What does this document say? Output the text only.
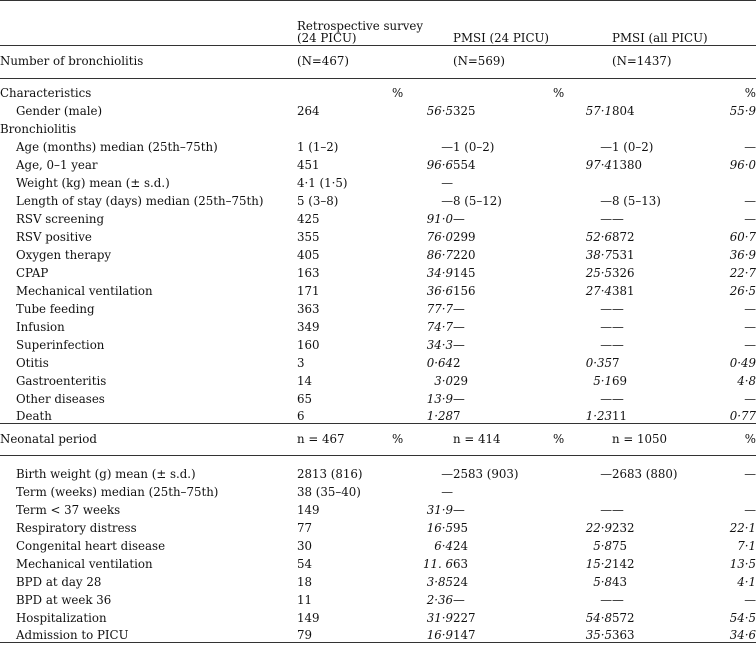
	Retrospective survey
(24 PICU)		PMSI (24 PICU)		PMSI (all PICU)	
Number of bronchiolitis	(N=467)		(N=569)		(N=1437)	
Characteristics		%		%		%
Gender (male)	264	56·5	325	57·1	804	55·9
Bronchiolitis						
Age (months) median (25th–75th)	1 (1–2)	—	1 (0–2)	—	1 (0–2)	—
Age, 0–1 year	451	96·6	554	97·4	1380	96·0
Weight (kg) mean (± s.d.)	4·1 (1·5)	—				
Length of stay (days) median (25th–75th)	5 (3–8)	—	8 (5–12)	—	8 (5–13)	—
RSV screening	425	91·0	—	—	—	—
RSV positive	355	76·0	299	52·6	872	60·7
Oxygen therapy	405	86·7	220	38·7	531	36·9
CPAP	163	34·9	145	25·5	326	22·7
Mechanical ventilation	171	36·6	156	27·4	381	26·5
Tube feeding	363	77·7	—	—	—	—
Infusion	349	74·7	—	—	—	—
Superinfection	160	34·3	—	—	—	—
Otitis	3	0·64	2	0·35	7	0·49
Gastroenteritis	14	3·0	29	5·1	69	4·8
Other diseases	65	13·9	—	—	—	—
Death	6	1·28	7	1·23	11	0·77
Neonatal period	n = 467	%	n = 414	%	n = 1050	%
Birth weight (g) mean (± s.d.)	2813 (816)	—	2583 (903)	—	2683 (880)	—
Term (weeks) median (25th–75th)	38 (35–40)	—				
Term < 37 weeks	149	31·9	—	—	—	—
Respiratory distress	77	16·5	95	22·9	232	22·1
Congenital heart disease	30	6·4	24	5·8	75	7·1
Mechanical ventilation	54	11. 6	63	15·2	142	13·5
BPD at day 28	18	3·85	24	5·8	43	4·1
BPD at week 36	11	2·36	—	—	—	—
Hospitalization	149	31·9	227	54·8	572	54·5
Admission to PICU	79	16·9	147	35·5	363	34·6
